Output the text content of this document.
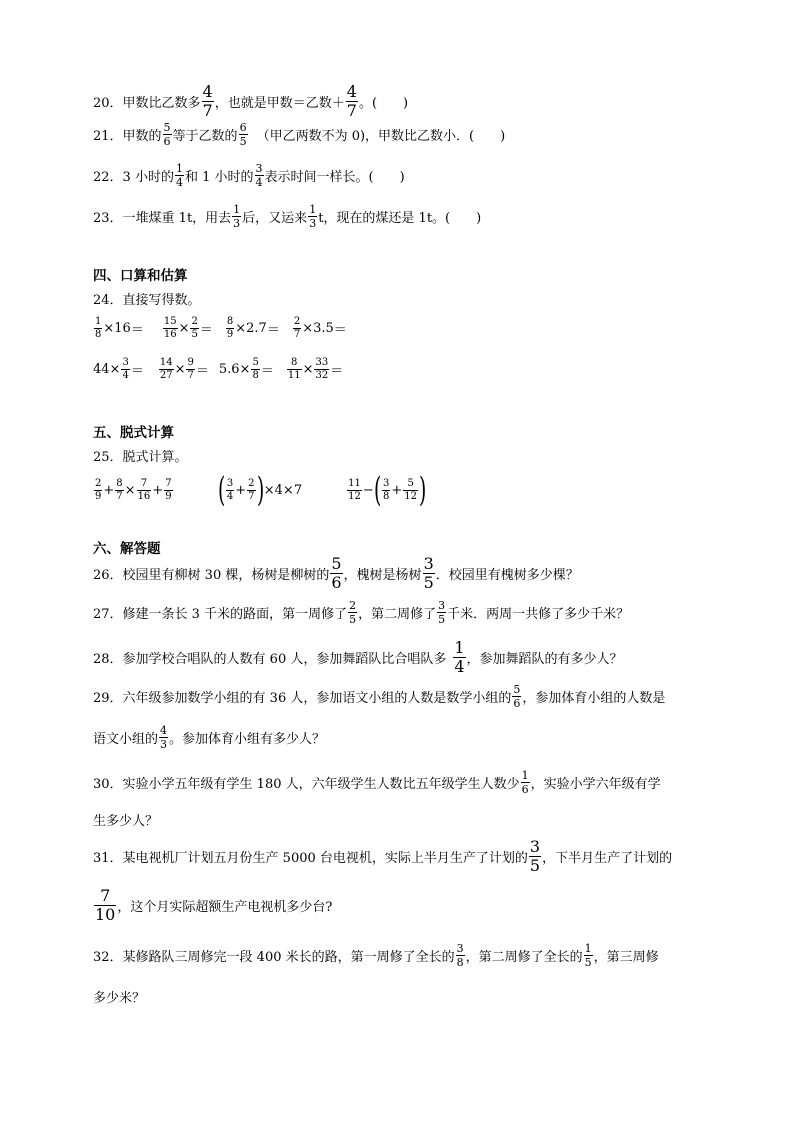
20．甲数比乙数多 $\frac{4}{7}$ ，也就是甲数＝乙数＋ $\frac{4}{7}$ 。(　　)
21．甲数的 $\frac{5}{6}$ 等于乙数的 $\frac{6}{5}$ （甲乙两数不为 0)，甲数比乙数小．(　　)
22．3 小时的 $\frac{1}{4}$ 和 1 小时的 $\frac{3}{4}$ 表示时间一样长。(　　)
23．一堆煤重 1t，用去 $\frac{1}{3}$ 后，又运来 $\frac{1}{3}$ t，现在的煤还是 1t。(　　)
四、口算和估算
24．直接写得数。
$\frac{1}{8} \times 16 = \frac{15}{16} \times \frac{2}{5} = \frac{8}{9} \times 2.7 = \frac{2}{7} \times 3.5$ ＝
$44\times \frac{3}{4} = \frac{14}{27} \times \frac{9}{7} = 5.6\times \frac{5}{8} = \frac{8}{11} \times \frac{33}{32}$ ＝
五、脱式计算
25．脱式计算。
$\frac{2}{9} + \frac{8}{7} \times \frac{7}{16} + \frac{7}{9}$ ( $\frac{3}{4} + \frac{2}{7}$ ) ×4×7	$\frac{11}{12}$ − ( $\frac{3}{8} + \frac{5}{12}$ )
六、解答题
26．校园里有柳树 30 棵，杨树是柳树的 $\frac{5}{6}$ ，槐树是杨树 $\frac{3}{5}$ ．校园里有槐树多少棵？
27．修建一条长 3 千米的路面，第一周修了 $\frac{2}{5}$ ，第二周修了 $\frac{3}{5}$ 千米．两周一共修了多少千米？
28．参加学校合唱队的人数有 60 人，参加舞蹈队比合唱队多 $\frac{1}{4}$ ，参加舞蹈队的有多少人？
29．六年级参加数学小组的有 36 人，参加语文小组的人数是数学小组的 $\frac{5}{6}$ ，参加体育小组的人数是
语文小组的 $\frac{4}{3}$ 。参加体育小组有多少人？
30．实验小学五年级有学生 180 人，六年级学生人数比五年级学生人数少 $\frac{1}{6}$ ，实验小学六年级有学
生多少人？
31．某电视机厂计划五月份生产 5000 台电视机，实际上半月生产了计划的 $\frac{3}{5}$ ，下半月生产了计划的
$\frac{7}{10}$ ，这个月实际超额生产电视机多少台?
32．某修路队三周修完一段 400 米长的路，第一周修了全长的 $\frac{3}{8}$ ，第二周修了全长的 $\frac{1}{5}$ ，第三周修
多少米？
